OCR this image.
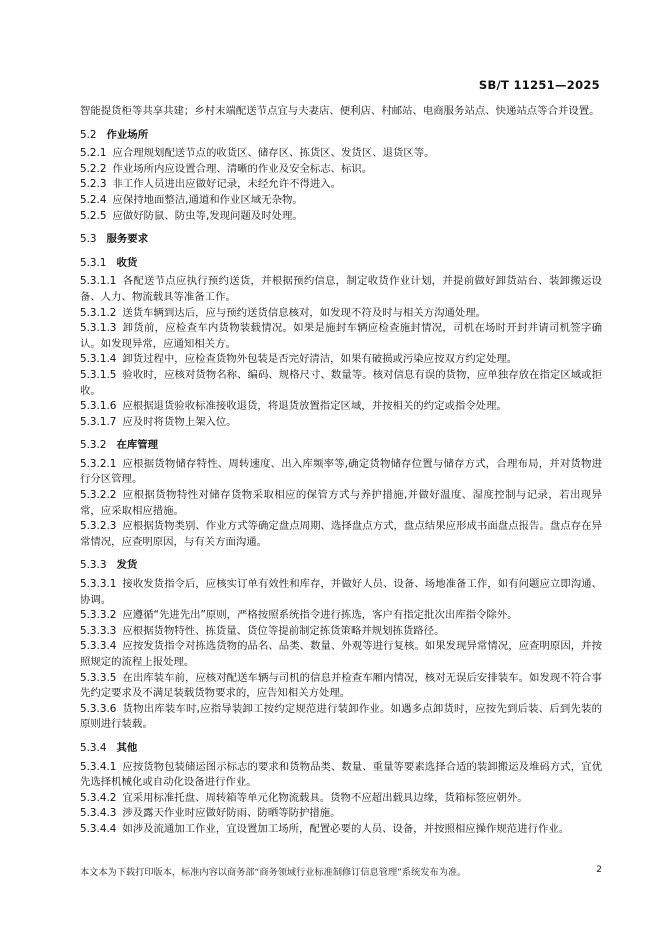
SB/T 11251—2025

智能提货柜等共享共建；乡村末端配送节点宜与夫妻店、便利店、村邮站、电商服务站点、快递站点等合并设置。

5.2 作业场所

5.2.1 应合理规划配送节点的收货区、储存区、拣货区、发货区、退货区等。

5.2.2 作业场所内应设置合理、清晰的作业及安全标志、标识。

5.2.3 非工作人员进出应做好记录，未经允许不得进入。

5.2.4 应保持地面整洁,通道和作业区域无杂物。

5.2.5 应做好防鼠、防虫等,发现问题及时处理。

5.3 服务要求
5.3.1 收货

5.3.1.1 各配送节点应执行预约送货，并根据预约信息，制定收货作业计划，并提前做好卸货站台、装卸搬运设备、人力、物流载具等准备工作。

5.3.1.2 送货车辆到达后，应与预约送货信息核对，如发现不符及时与相关方沟通处理。

5.3.1.3 卸货前，应检查车内货物装载情况。如果是施封车辆应检查施封情况，司机在场时开封并请司机签字确认。如发现异常，应通知相关方。

5.3.1.4 卸货过程中，应检查货物外包装是否完好清洁，如果有破损或污染应按双方约定处理。

5.3.1.5 验收时，应核对货物名称、编码、规格尺寸、数量等。核对信息有误的货物，应单独存放在指定区域或拒收。

5.3.1.6 应根据退货验收标准接收退货，将退货放置指定区域，并按相关的约定或指令处理。

5.3.1.7 应及时将货物上架入位。

5.3.2 在库管理

5.3.2.1 应根据货物储存特性、周转速度、出入库频率等,确定货物储存位置与储存方式，合理布局，并对货物进行分区管理。

5.3.2.2 应根据货物特性对储存货物采取相应的保管方式与养护措施,并做好温度、湿度控制与记录，若出现异常，应采取相应措施。

5.3.2.3 应根据货物类别、作业方式等确定盘点周期、选择盘点方式，盘点结果应形成书面盘点报告。盘点存在异常情况，应查明原因，与有关方面沟通。

5.3.3 发货

5.3.3.1 接收发货指令后，应核实订单有效性和库存，并做好人员、设备、场地准备工作，如有问题应立即沟通、协调。

5.3.3.2 应遵循“先进先出”原则，严格按照系统指令进行拣选，客户有指定批次出库指令除外。

5.3.3.3 应根据货物特性、拣货量、货位等提前制定拣货策略并规划拣货路径。

5.3.3.4 应按发货指令对拣选货物的品名、品类、数量、外观等进行复核。如果发现异常情况，应查明原因，并按照规定的流程上报处理。

5.3.3.5 在出库装车前，应核对配送车辆与司机的信息并检查车厢内情况，核对无误后安排装车。如发现不符合事先约定要求及不满足装载货物要求的，应告知相关方处理。

5.3.3.6 货物出库装车时,应指导装卸工按约定规范进行装卸作业。如遇多点卸货时，应按先到后装、后到先装的原则进行装载。

5.3.4 其他

5.3.4.1 应按货物包装储运图示标志的要求和货物品类、数量、重量等要素选择合适的装卸搬运及堆码方式，宜优先选择机械化或自动化设备进行作业。

5.3.4.2 宜采用标准托盘、周转箱等单元化物流载具。货物不应超出载具边缘，货箱标签应朝外。

5.3.4.3 涉及露天作业时应做好防雨、防晒等防护措施。

5.3.4.4 如涉及流通加工作业，宜设置加工场所，配置必要的人员、设备，并按照相应操作规范进行作业。

本文本为下载打印版本，标准内容以商务部“商务领域行业标准制修订信息管理”系统发布为准。	2
